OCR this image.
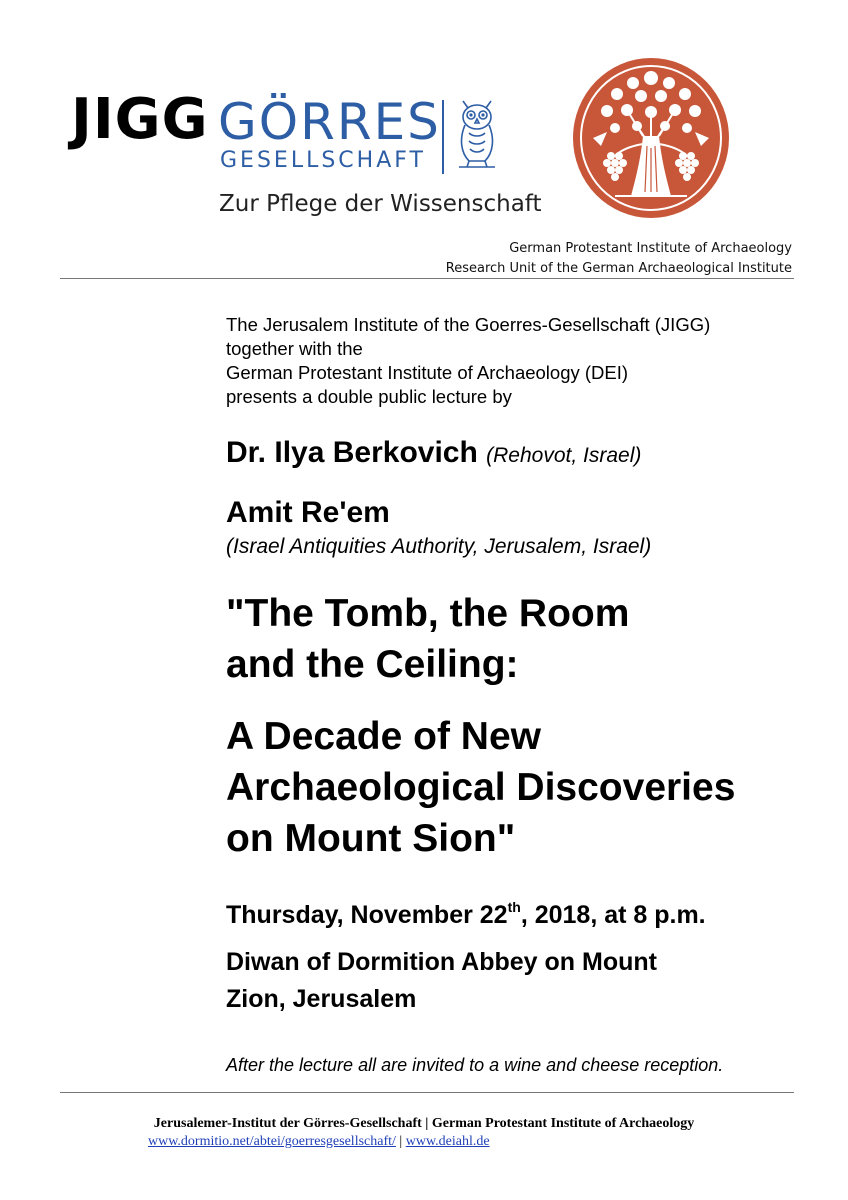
JIGG GÖRRES
GESELLSCHAFT
Zur Pflege der Wissenschaft
German Protestant Institute of Archaeology
Research Unit of the German Archaeological Institute
The Jerusalem Institute of the Goerres-Gesellschaft (JIGG)
together with the
German Protestant Institute of Archaeology (DEI)
presents a double public lecture by
Dr. Ilya Berkovich (Rehovot, Israel)
Amit Re'em
(Israel Antiquities Authority, Jerusalem, Israel)
"The Tomb, the Room
and the Ceiling:
A Decade of New
Archaeological Discoveries
on Mount Sion"
Thursday, November 22th, 2018, at 8 p.m.
Diwan of Dormition Abbey on Mount
Zion, Jerusalem
After the lecture all are invited to a wine and cheese reception.
Jerusalemer-Institut der Görres-Gesellschaft | German Protestant Institute of Archaeology
www.dormitio.net/abtei/goerresgesellschaft/ | www.deiahl.de
